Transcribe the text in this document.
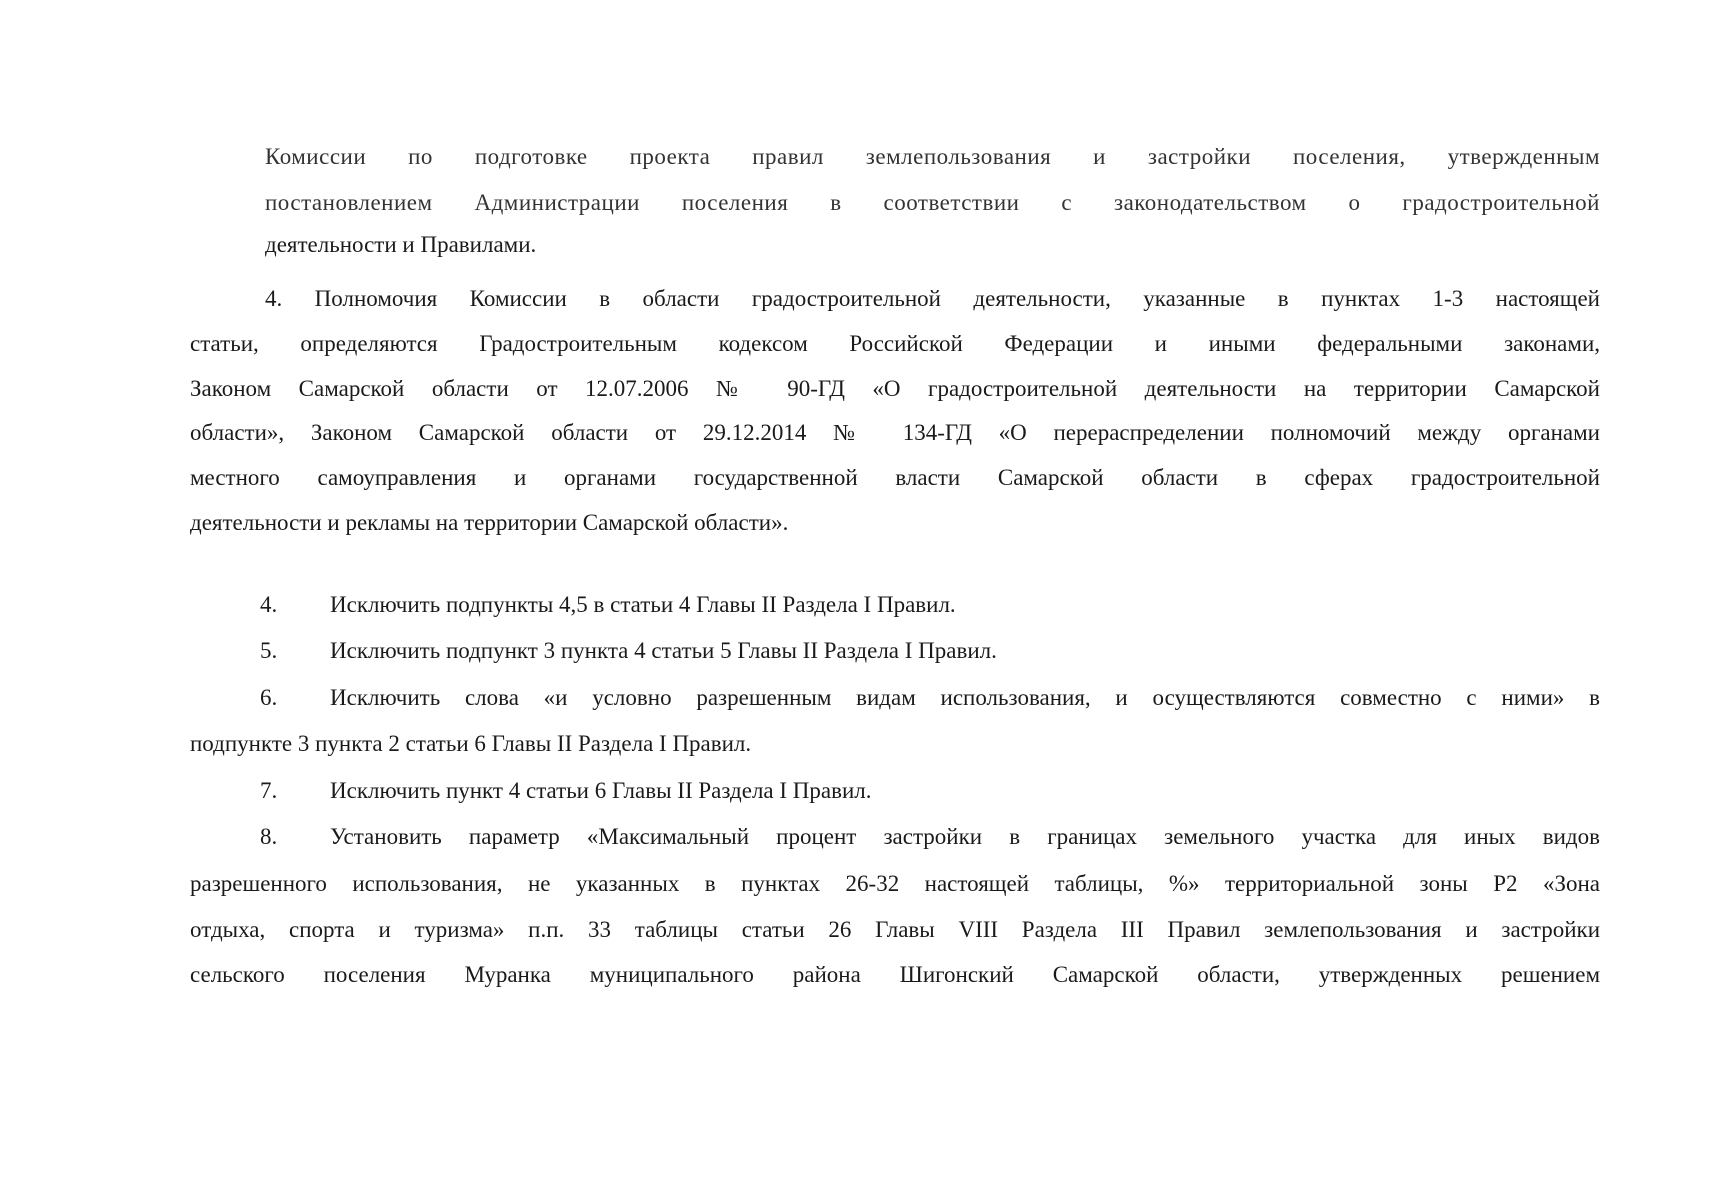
Комиссии по подготовке проекта правил землепользования и застройки поселения, утвержденным
постановлением Администрации поселения в соответствии с законодательством о градостроительной
деятельности и Правилами.
4. Полномочия Комиссии в области градостроительной деятельности, указанные в пунктах 1-3 настоящей
статьи, определяются Градостроительным кодексом Российской Федерации и иными федеральными законами,
Законом Самарской области от 12.07.2006 № 90-ГД «О градостроительной деятельности на территории Самарской
области», Законом Самарской области от 29.12.2014 № 134-ГД «О перераспределении полномочий между органами
местного самоуправления и органами государственной власти Самарской области в сферах градостроительной
деятельности и рекламы на территории Самарской области».
4. Исключить подпункты 4,5 в статьи 4 Главы II Раздела I Правил.
5. Исключить подпункт 3 пункта 4 статьи 5 Главы II Раздела I Правил.
6.	Исключить слова «и условно разрешенным видам использования, и осуществляются совместно с ними» в
подпункте 3 пункта 2 статьи 6 Главы II Раздела I Правил.
7. Исключить пункт 4 статьи 6 Главы II Раздела I Правил.
8.	Установить параметр «Максимальный процент застройки в границах земельного участка для иных видов
разрешенного использования, не указанных в пунктах 26-32 настоящей таблицы, %» территориальной зоны Р2 «Зона
отдыха, спорта и туризма» п.п. 33 таблицы статьи 26 Главы VIII Раздела III Правил землепользования и застройки
сельского поселения Муранка муниципального района Шигонский Самарской области, утвержденных решением
